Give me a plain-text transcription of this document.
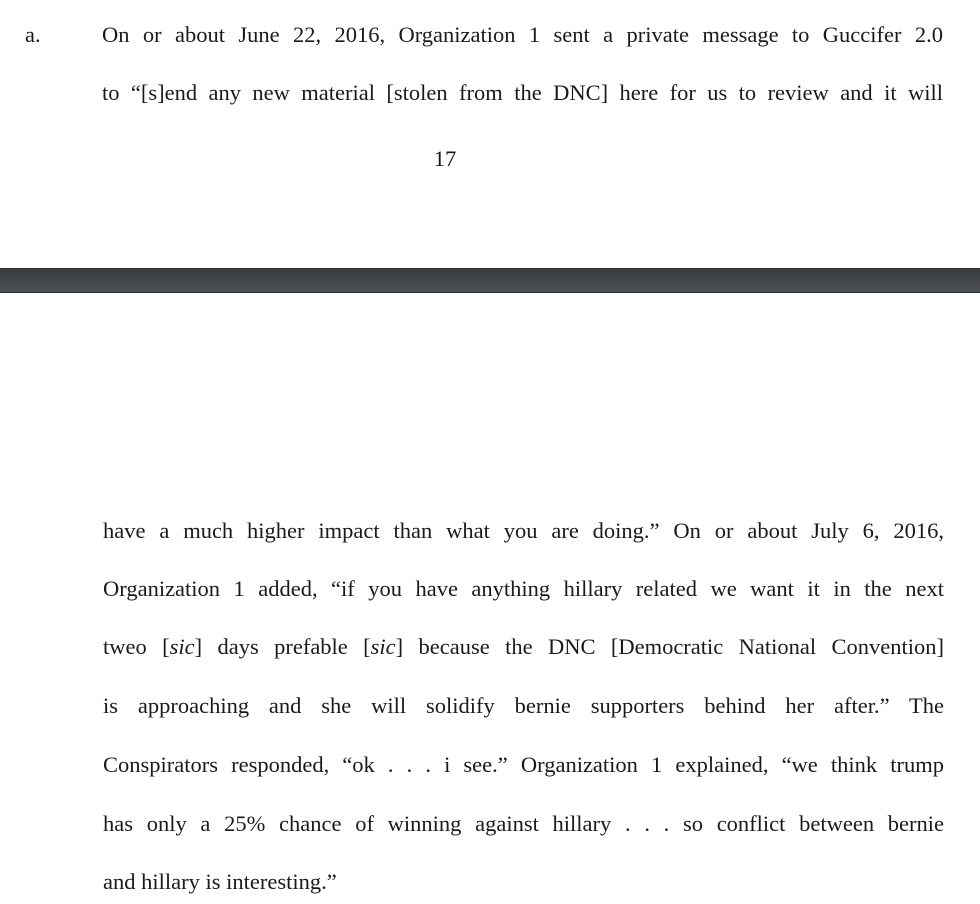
a.	On or about June 22, 2016, Organization 1 sent a private message to Guccifer 2.0
to “[s]end any new material [stolen from the DNC] here for us to review and it will
17
have a much higher impact than what you are doing.” On or about July 6, 2016,
Organization 1 added, “if you have anything hillary related we want it in the next
tweo [sic] days prefable [sic] because the DNC [Democratic National Convention]
is approaching and she will solidify bernie supporters behind her after.” The
Conspirators responded, “ok . . . i see.” Organization 1 explained, “we think trump
has only a 25% chance of winning against hillary . . . so conflict between bernie
and hillary is interesting.”
